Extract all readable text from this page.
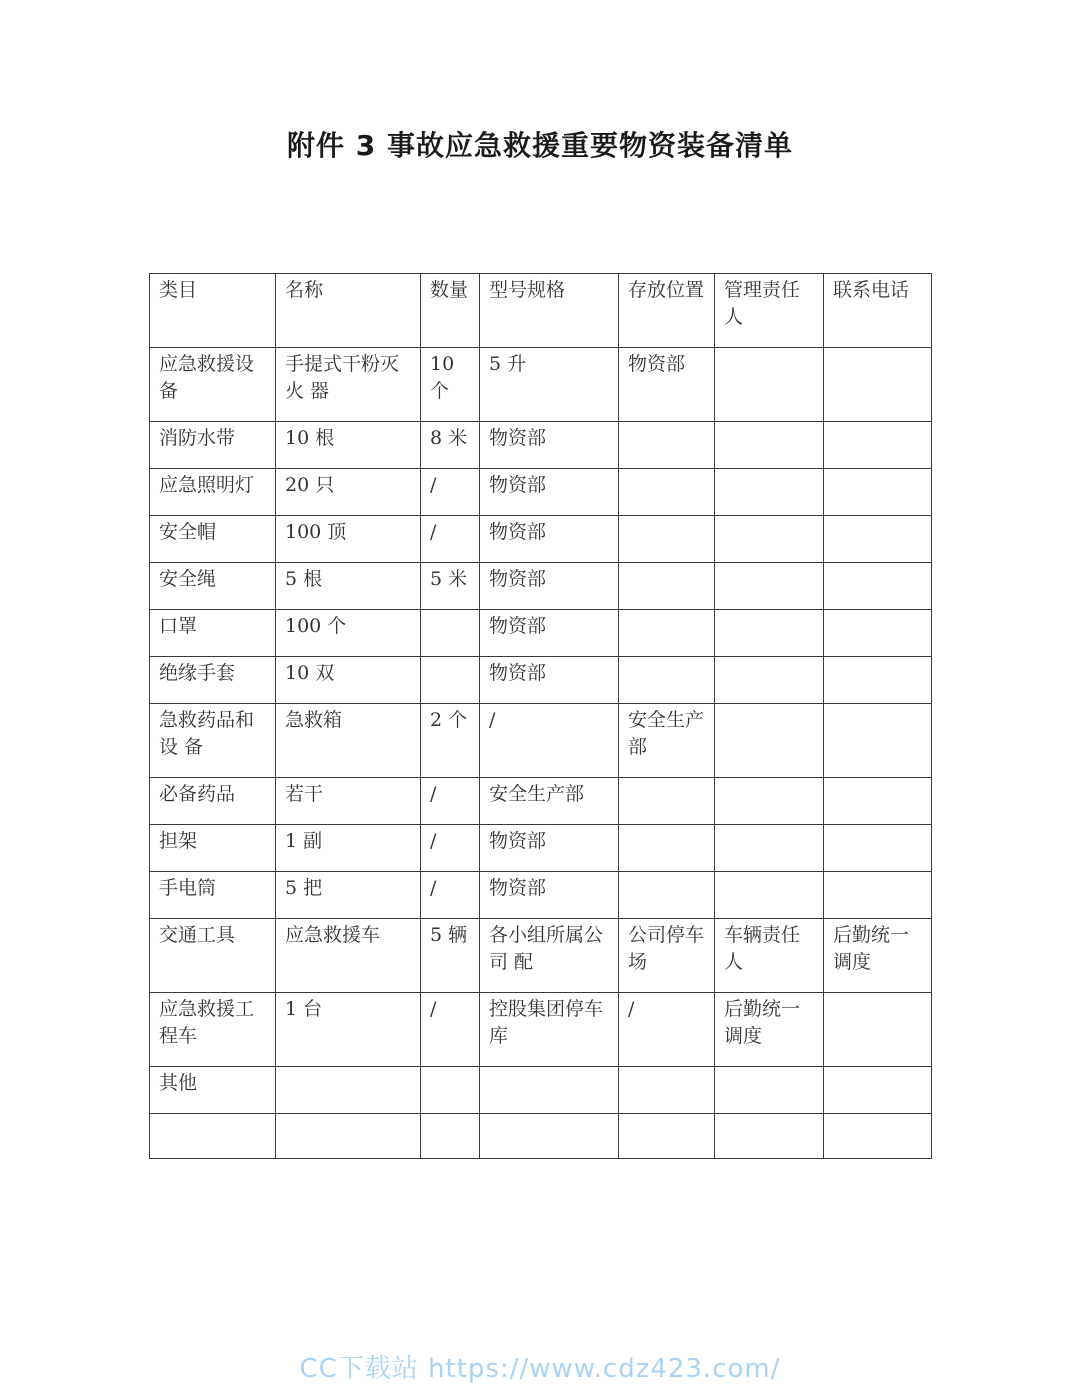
附件 3 事故应急救援重要物资装备清单
类目	名称	数量	型号规格	存放位置	管理责任人	联系电话
应急救援设备	手提式干粉灭火 器	10个	5 升	物资部		
消防水带	10 根	8 米	物资部			
应急照明灯	20 只	/	物资部			
安全帽	100 顶	/	物资部			
安全绳	5 根	5 米	物资部			
口罩	100 个		物资部			
绝缘手套	10 双		物资部			
急救药品和设 备	急救箱	2 个	/	安全生产部		
必备药品	若干	/	安全生产部			
担架	1 副	/	物资部			
手电筒	5 把	/	物资部			
交通工具	应急救援车	5 辆	各小组所属公司 配	公司停车场	车辆责任人	后勤统一调度
应急救援工程车	1 台	/	控股集团停车 库	/	后勤统一调度	
其他						

CC下载站 https://www.cdz423.com/
